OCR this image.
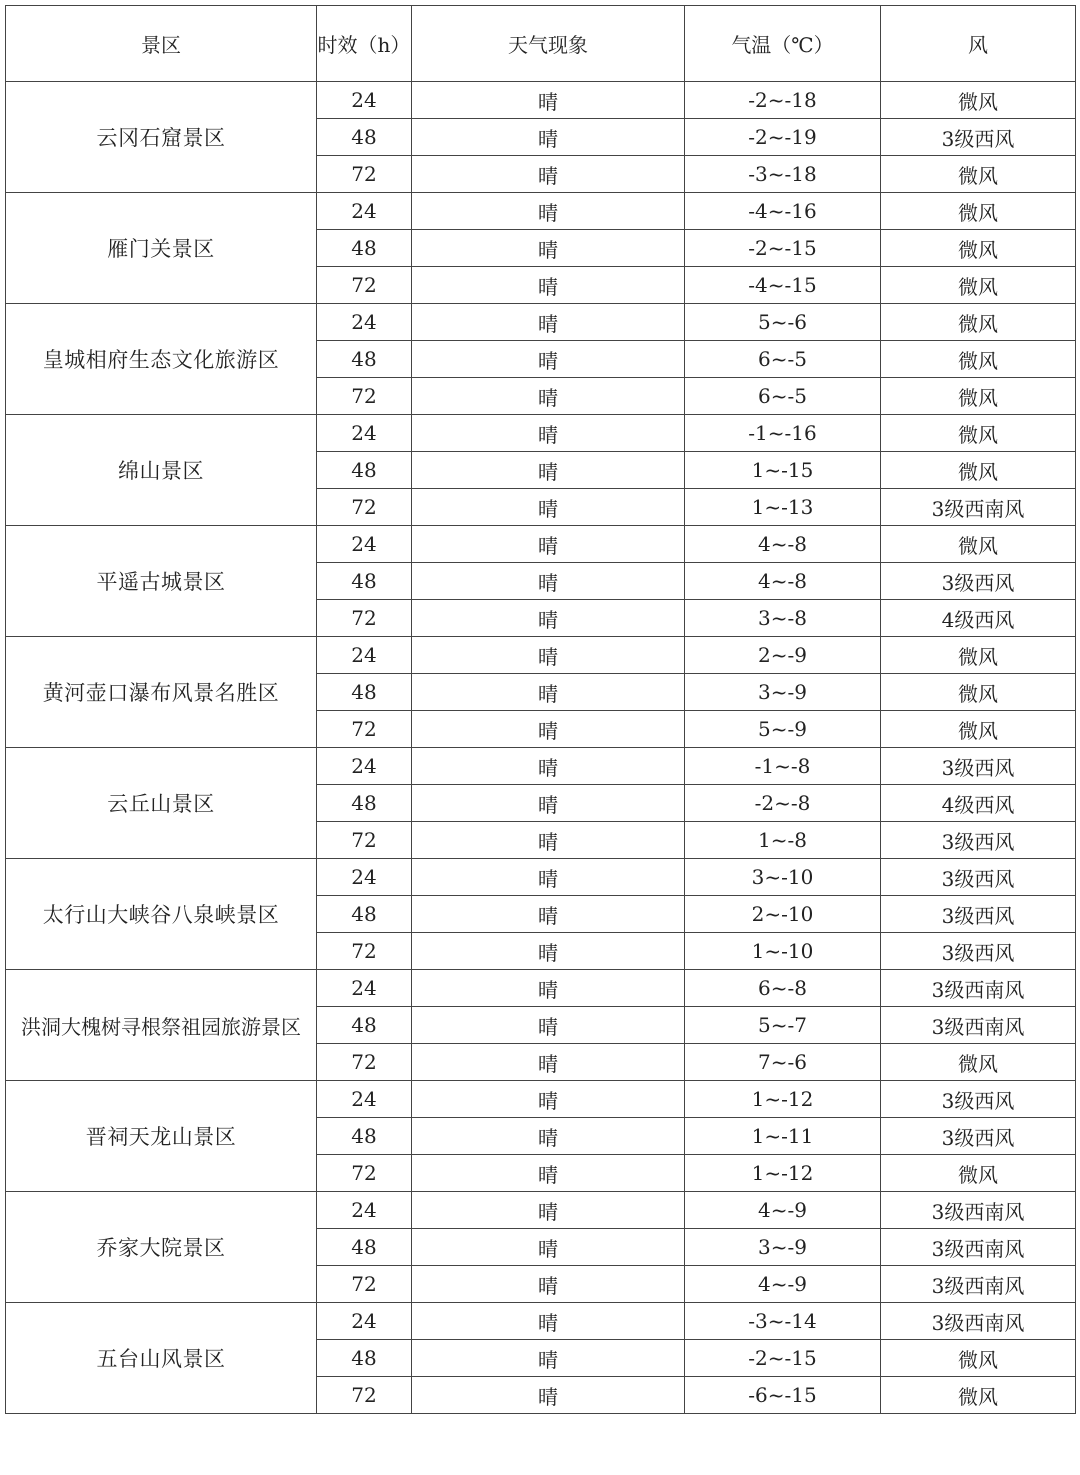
景区	时效（h）	天气现象	气温（℃）	风
云冈石窟景区	24	晴	-2~-18	微风
	48	晴	-2~-19	3级西风
	72	晴	-3~-18	微风
雁门关景区	24	晴	-4~-16	微风
	48	晴	-2~-15	微风
	72	晴	-4~-15	微风
皇城相府生态文化旅游区	24	晴	5~-6	微风
	48	晴	6~-5	微风
	72	晴	6~-5	微风
绵山景区	24	晴	-1~-16	微风
	48	晴	1~-15	微风
	72	晴	1~-13	3级西南风
平遥古城景区	24	晴	4~-8	微风
	48	晴	4~-8	3级西风
	72	晴	3~-8	4级西风
黄河壶口瀑布风景名胜区	24	晴	2~-9	微风
	48	晴	3~-9	微风
	72	晴	5~-9	微风
云丘山景区	24	晴	-1~-8	3级西风
	48	晴	-2~-8	4级西风
	72	晴	1~-8	3级西风
太行山大峡谷八泉峡景区	24	晴	3~-10	3级西风
	48	晴	2~-10	3级西风
	72	晴	1~-10	3级西风
洪洞大槐树寻根祭祖园旅游景区	24	晴	6~-8	3级西南风
	48	晴	5~-7	3级西南风
	72	晴	7~-6	微风
晋祠天龙山景区	24	晴	1~-12	3级西风
	48	晴	1~-11	3级西风
	72	晴	1~-12	微风
乔家大院景区	24	晴	4~-9	3级西南风
	48	晴	3~-9	3级西南风
	72	晴	4~-9	3级西南风
五台山风景区	24	晴	-3~-14	3级西南风
	48	晴	-2~-15	微风
	72	晴	-6~-15	微风
